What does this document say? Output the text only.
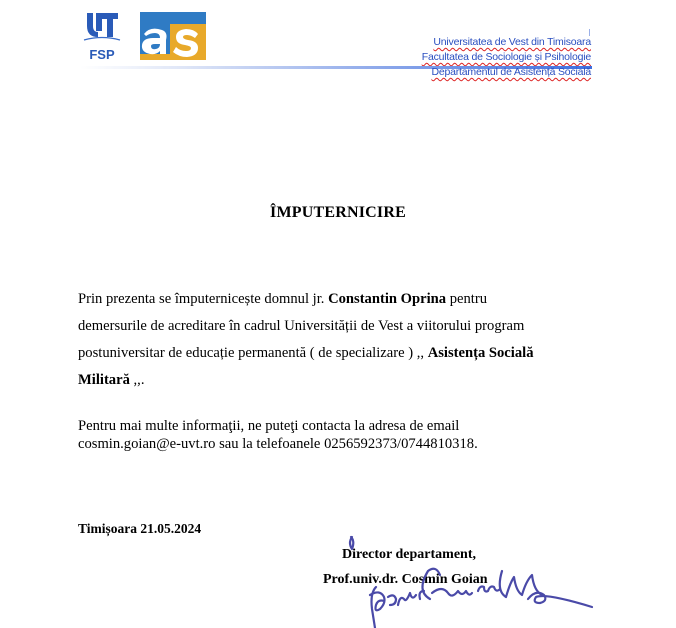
FSP
Universitatea de Vest din Timisoara
Facultatea de Sociologie și Psihologie
Departamentul de Asistență Socială
ÎMPUTERNICIRE
Prin prezenta se împuternicește domnul jr. Constantin Oprina pentru
demersurile de acreditare în cadrul Universității de Vest a viitorului program
postuniversitar de educație permanentă ( de specializare ) ,, Asistența Socială
Militară ,,.
Pentru mai multe informaţii, ne puteţi contacta la adresa de email
cosmin.goian@e-uvt.ro sau la telefoanele 0256592373/0744810318.
Timișoara 21.05.2024
Director departament,
Prof.univ.dr. Cosmin Goian
